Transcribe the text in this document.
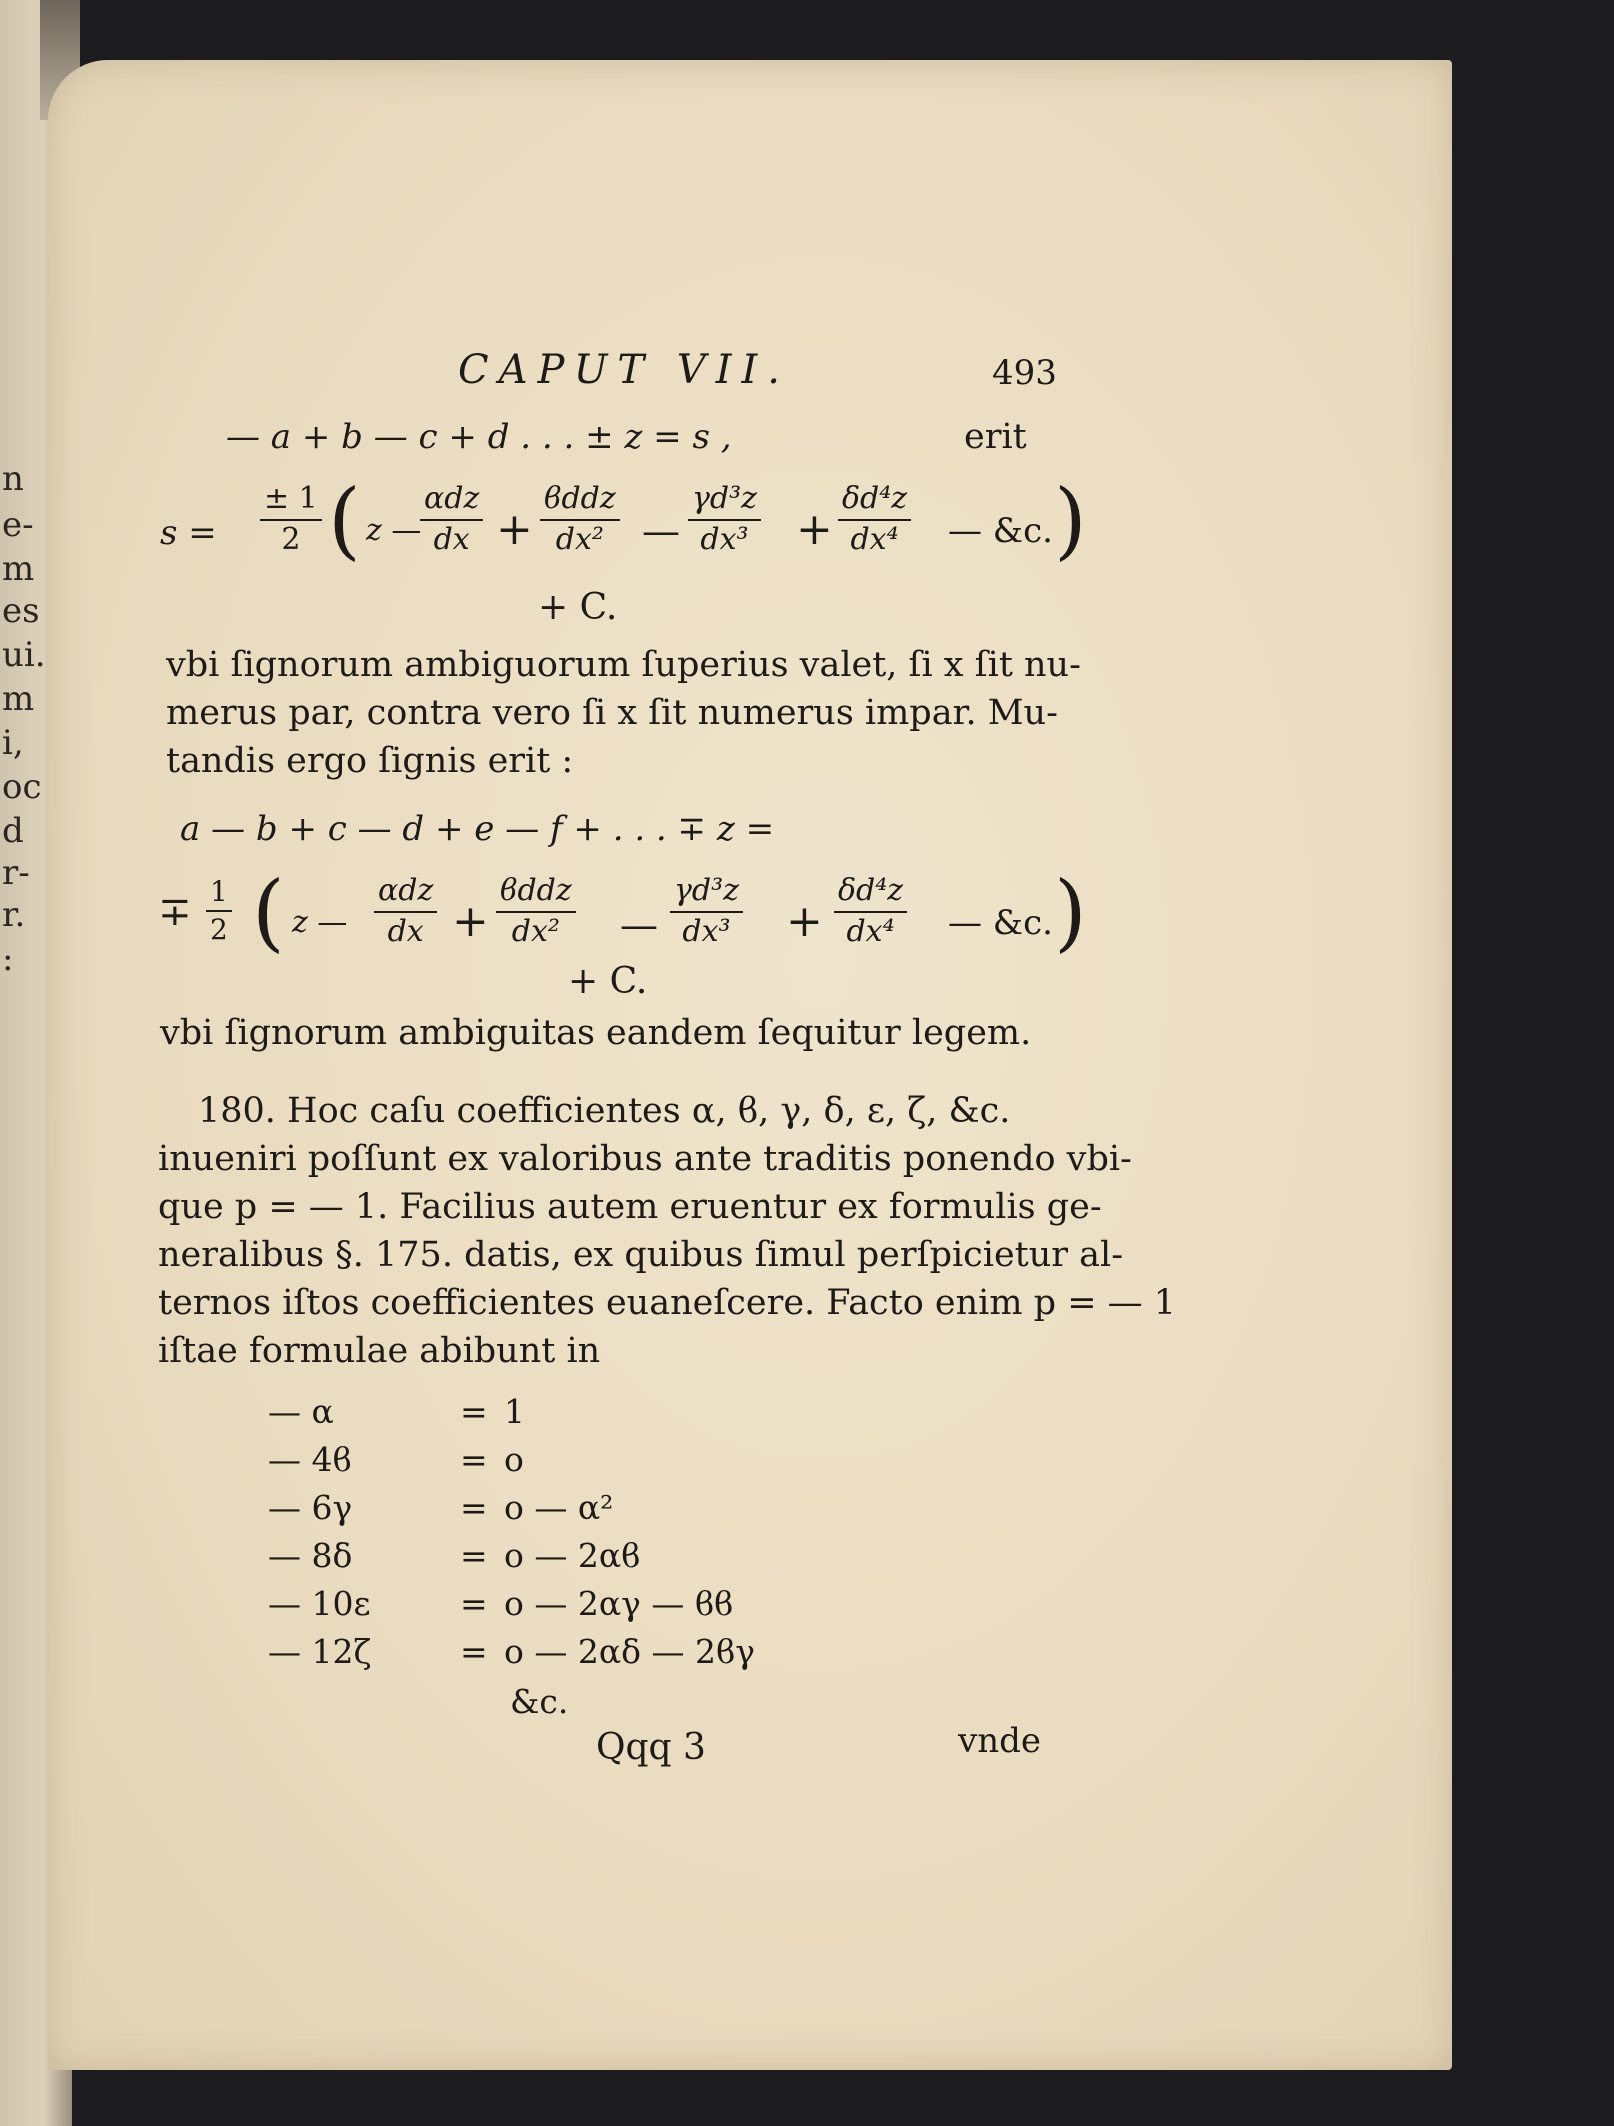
n
e-
m
es
ui.
m
i,
oc
d
r-
r.
:
CAPUT VII.	493
— a + b — c + d . . . ± z = s ,	erit
$s = \frac{\pm 1}{2}$ ( z —
αdz
dx +
ϐddz
dx²	— $\frac{\text{γd³z}}{\text{dx³}} + \frac{\text{δd⁴z}}{\text{dx⁴}}$ — &c. )
+ C.
vbi ſignorum ambiguorum ſuperius valet, ſi x ſit nu-
merus par, contra vero ſi x ſit numerus impar. Mu-
tandis ergo ſignis erit :
a — b + c — d + e — f + . . . ∓ z =
∓ $\frac{1}{2}$ ( z —
αdz
dx +
ϐddz
dx²	— $\frac{\text{γd³z}}{\text{dx³}} + \frac{\text{δd⁴z}}{\text{dx⁴}}$ — &c. )
+ C.
vbi ſignorum ambiguitas eandem ſequitur legem.
180. Hoc caſu coefficientes α, ϐ, γ, δ, ε, ζ, &c.
inueniri poſſunt ex valoribus ante traditis ponendo vbi-
que p = — 1. Facilius autem eruentur ex formulis ge-
neralibus §. 175. datis, ex quibus ſimul perſpicietur al-
ternos iſtos coefficientes euaneſcere. Facto enim p = — 1
iſtae formulae abibunt in
— α	= 1
— 4ϐ	= o
— 6γ	= o — α²
— 8δ	= o — 2αϐ
— 10ε	= o — 2αγ — ϐϐ
— 12ζ	= o — 2αδ — 2ϐγ
&c.
Qqq 3	vnde
